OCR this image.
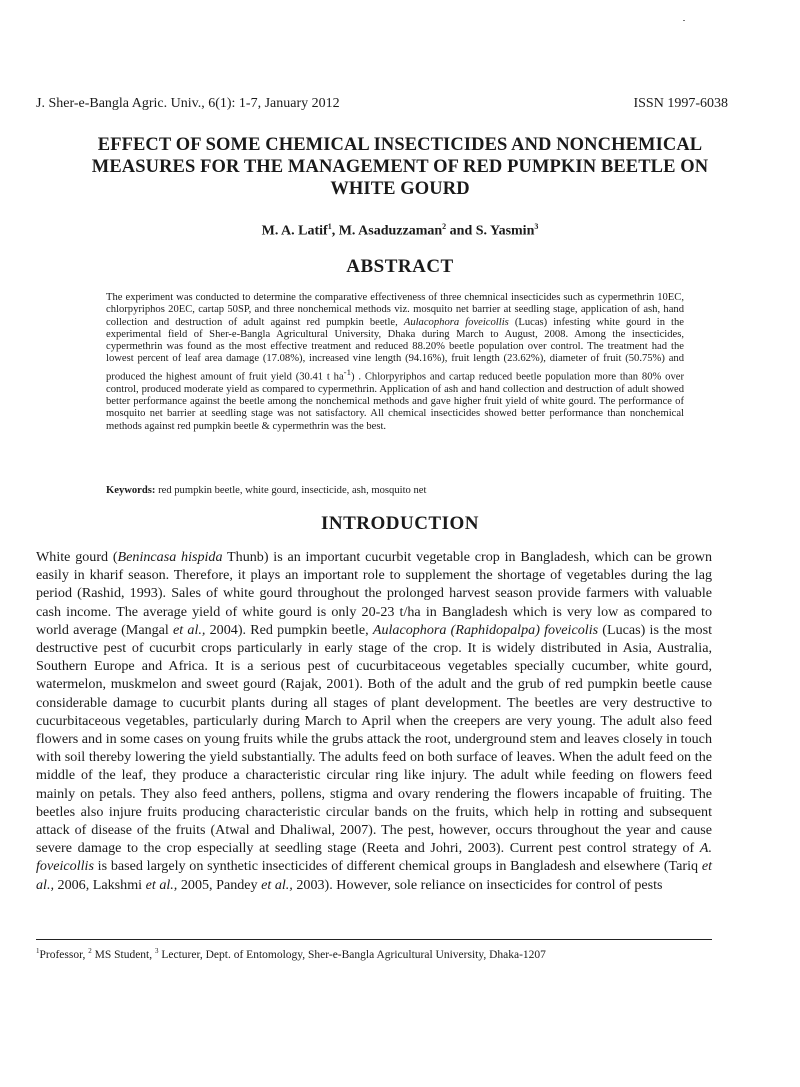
J. Sher-e-Bangla Agric. Univ., 6(1): 1-7, January 2012	ISSN 1997-6038
EFFECT OF SOME CHEMICAL INSECTICIDES AND NONCHEMICAL
MEASURES FOR THE MANAGEMENT OF RED PUMPKIN BEETLE ON
WHITE GOURD
M. A. Latif$^1$, M. Asaduzzaman$^2$ and S. Yasmin$^3$
ABSTRACT
The experiment was conducted to determine the comparative effectiveness of three chemnical insecticides such as cypermethrin 10EC, chlorpyriphos 20EC, cartap 50SP, and three nonchemical methods viz. mosquito net barrier at seedling stage, application of ash, hand collection and destruction of adult against red pumpkin beetle, Aulacophora foveicollis (Lucas) infesting white gourd in the experimental field of Sher-e-Bangla Agricultural University, Dhaka during March to August, 2008. Among the insecticides, cypermethrin was found as the most effective treatment and reduced 88.20% beetle population over control. The treatment had the lowest percent of leaf area damage (17.08%), increased vine length (94.16%), fruit length (23.62%), diameter of fruit (50.75%) and produced the highest amount of fruit yield (30.41 t $ha^{-1}$) . Chlorpyriphos and cartap reduced beetle population more than 80% over control, produced moderate yield as compared to cypermethrin. Application of ash and hand collection and destruction of adult showed better performance against the beetle among the nonchemical methods and gave higher fruit yield of white gourd. The performance of mosquito net barrier at seedling stage was not satisfactory. All chemical insecticides showed better performance than nonchemical methods against red pumpkin beetle & cypermethrin was the best.
Keywords: red pumpkin beetle, white gourd, insecticide, ash, mosquito net
INTRODUCTION
White gourd (Benincasa hispida Thunb) is an important cucurbit vegetable crop in Bangladesh, which can be grown easily in kharif season. Therefore, it plays an important role to supplement the shortage of vegetables during the lag period (Rashid, 1993). Sales of white gourd throughout the prolonged harvest season provide farmers with valuable cash income. The average yield of white gourd is only 20-23 t/ha in Bangladesh which is very low as compared to world average (Mangal et al., 2004). Red pumpkin beetle, Aulacophora (Raphidopalpa) foveicolis (Lucas) is the most destructive pest of cucurbit crops particularly in early stage of the crop. It is widely distributed in Asia, Australia, Southern Europe and Africa. It is a serious pest of cucurbitaceous vegetables specially cucumber, white gourd, watermelon, muskmelon and sweet gourd (Rajak, 2001). Both of the adult and the grub of red pumpkin beetle cause considerable damage to cucurbit plants during all stages of plant development. The beetles are very destructive to cucurbitaceous vegetables, particularly during March to April when the creepers are very young. The adult also feed flowers and in some cases on young fruits while the grubs attack the root, underground stem and leaves closely in touch with soil thereby lowering the yield substantially. The adults feed on both surface of leaves. When the adult feed on the middle of the leaf, they produce a characteristic circular ring like injury. The adult while feeding on flowers feed mainly on petals. They also feed anthers, pollens, stigma and ovary rendering the flowers incapable of fruiting. The beetles also injure fruits producing characteristic circular bands on the fruits, which help in rotting and subsequent attack of disease of the fruits (Atwal and Dhaliwal, 2007). The pest, however, occurs throughout the year and cause severe damage to the crop especially at seedling stage (Reeta and Johri, 2003). Current pest control strategy of A. foveicollis is based largely on synthetic insecticides of different chemical groups in Bangladesh and elsewhere (Tariq et al., 2006, Lakshmi et al., 2005, Pandey et al., 2003). However, sole reliance on insecticides for control of pests
$^1$Professor, $^2$ MS Student, $^3$ Lecturer, Dept. of Entomology, Sher-e-Bangla Agricultural University, Dhaka-1207
